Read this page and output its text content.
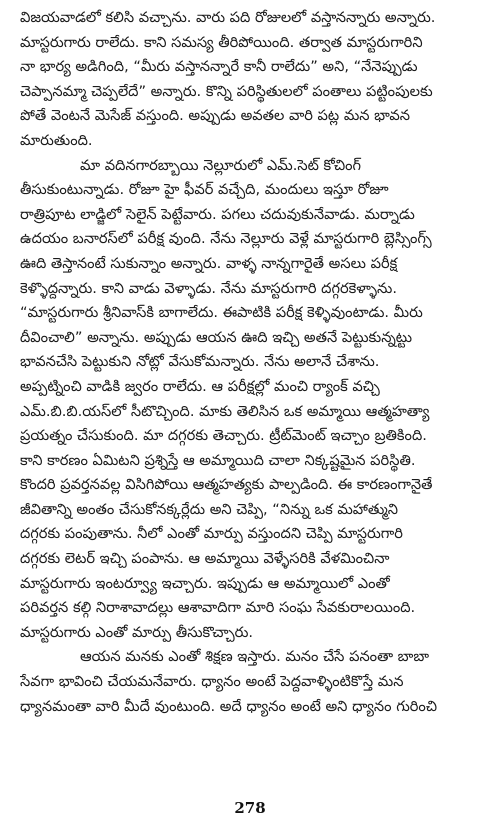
విజయవాడలో కలిసి వచ్చాను. వారు పది రోజులలో వస్తానన్నారు అన్నారు.
మాస్టరుగారు రాలేదు. కాని సమస్య తీరిపోయింది. తర్వాత మాస్టరుగారిని
నా భార్య అడిగింది, “మీరు వస్తానన్నారే కానీ రాలేదు” అని, “నేనెప్పుడు
చెప్పానమ్మా చెప్పలేదే” అన్నారు. కొన్ని పరిస్థితులలో పంతాలు పట్టింపులకు
పోతే వెంటనే మెసేజ్ వస్తుంది. అప్పుడు అవతల వారి పట్ల మన భావన
మారుతుంది.
మా వదినగారబ్బాయి నెల్లూరులో ఎమ్.సెట్ కోచింగ్
తీసుకుంటున్నాడు. రోజూ హై ఫీవర్ వచ్చేది, మందులు ఇస్తూ రోజూ
రాత్రిపూట లాడ్జిలో సెలైన్ పెట్టేవారు. పగలు చదువుకునేవాడు. మర్నాడు
ఉదయం బనారస్‌లో పరీక్ష వుంది. నేను నెల్లూరు వెళ్లే మాస్టరుగారి బ్లెస్సింగ్స్
ఊది తెస్తానంటే సుకున్నాం అన్నారు. వాళ్ళ నాన్నగారైతే అసలు పరీక్ష
కెళ్ళొద్దన్నారు. కాని వాడు వెళ్ళాడు. నేను మాస్టరుగారి దగ్గరకెళ్ళాను.
“మాస్టరుగారు శ్రీనివాస్‌కి బాగాలేదు. ఈపాటికి పరీక్ష కెళ్ళివుంటాడు. మీరు
దీవించాలి” అన్నాను. అప్పుడు ఆయన ఊది ఇచ్చి అతనే పెట్టుకున్నట్టు
భావనచేసి పెట్టుకుని నోట్లో వేసుకోమన్నారు. నేను అలానే చేశాను.
అప్పట్నించి వాడికి జ్వరం రాలేదు. ఆ పరీక్షల్లో మంచి ర్యాంక్ వచ్చి
ఎమ్.బి.బి.యస్‌లో సీటొచ్చింది. మాకు తెలిసిన ఒక అమ్మాయి ఆత్మహత్యా
ప్రయత్నం చేసుకుంది. మా దగ్గరకు తెచ్చారు. ట్రీట్‌మెంట్ ఇచ్చాం బ్రతికింది.
కాని కారణం ఏమిటని ప్రశ్నిస్తే ఆ అమ్మాయిది చాలా నిక్కష్టమైన పరిస్థితి.
కొందరి ప్రవర్తనవల్ల విసిగిపోయి ఆత్మహత్యకు పాల్పడింది. ఈ కారణంగానైతే
జీవితాన్ని అంతం చేసుకోనక్కర్లేదు అని చెప్పి, “నిన్ను ఒక మహాత్ముని
దగ్గరకు పంపుతాను. నీలో ఎంతో మార్పు వస్తుందని చెప్పి మాస్టరుగారి
దగ్గరకు లెటర్ ఇచ్చి పంపాను. ఆ అమ్మాయి వెళ్ళేసరికి వేళమించినా
మాస్టరుగారు ఇంటర్వ్యూ ఇచ్చారు. ఇప్పుడు ఆ అమ్మాయిలో ఎంతో
పరివర్తన కల్గి నిరాశావాదల్లు ఆశావాదిగా మారి సంఘ సేవకురాలయింది.
మాస్టరుగారు ఎంతో మార్పు తీసుకొచ్చారు.
ఆయన మనకు ఎంతో శిక్షణ ఇస్తారు. మనం చేసే పనంతా బాబా
సేవగా భావించి చేయమనేవారు. ధ్యానం అంటే పెద్దవాళ్ళింటికొస్తే మన
ధ్యానమంతా వారి మీదే వుంటుంది. అదే ధ్యానం అంటే అని ధ్యానం గురించి
278
